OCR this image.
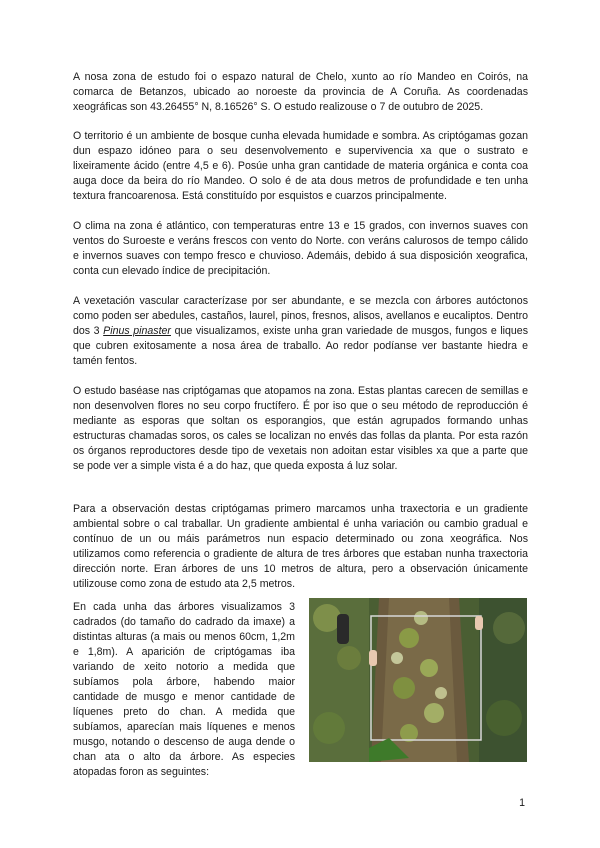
A nosa zona de estudo foi o espazo natural de Chelo, xunto ao río Mandeo en Coirós, na comarca de Betanzos, ubicado ao noroeste da provincia de A Coruña. As coordenadas xeográficas son 43.26455° N, 8.16526° S. O estudo realizouse o 7 de outubro de 2025.

O territorio é un ambiente de bosque cunha elevada humidade e sombra. As criptógamas gozan dun espazo idóneo para o seu desenvolvemento e supervivencia xa que o sustrato e lixeiramente ácido (entre 4,5 e 6). Posúe unha gran cantidade de materia orgánica e conta coa auga doce da beira do río Mandeo. O solo é de ata dous metros de profundidade e ten unha textura francoarenosa. Está constituído por esquistos e cuarzos principalmente.

O clima na zona é atlántico, con temperaturas entre 13 e 15 grados, con invernos suaves con ventos do Suroeste e veráns frescos con vento do Norte. con veráns calurosos de tempo cálido e invernos suaves con tempo fresco e chuvioso. Ademáis, debido á sua disposición xeografica, conta cun elevado índice de precipitación.

A vexetación vascular caracterízase por ser abundante, e se mezcla con árbores autóctonos como poden ser abedules, castaños, laurel, pinos, fresnos, alisos, avellanos e eucaliptos. Dentro dos 3 Pinus pinaster que visualizamos, existe unha gran variedade de musgos, fungos e liques que cubren exitosamente a nosa área de traballo. Ao redor podíanse ver bastante hiedra e tamén fentos.

O estudo baséase nas criptógamas que atopamos na zona. Estas plantas carecen de semillas e non desenvolven flores no seu corpo fructífero. É por iso que o seu método de reproducción é mediante as esporas que soltan os esporangios, que están agrupados formando unhas estructuras chamadas soros, os cales se localizan no envés das follas da planta. Por esta razón os órganos reproductores desde tipo de vexetais non adoitan estar visibles xa que a parte que se pode ver a simple vista é a do haz, que queda exposta á luz solar.

Para a observación destas criptógamas primero marcamos unha traxectoria e un gradiente ambiental sobre o cal traballar. Un gradiente ambiental é unha variación ou cambio gradual e contínuo de un ou máis parámetros nun espacio determinado ou zona xeográfica. Nos utilizamos como referencia o gradiente de altura de tres árbores que estaban nunha traxectoria dirección norte. Eran árbores de uns 10 metros de altura, pero a observación únicamente utilizouse como zona de estudo ata 2,5 metros.

En cada unha das árbores visualizamos 3 cadrados (do tamaño do cadrado da imaxe) a distintas alturas (a mais ou menos 60cm, 1,2m e 1,8m). A aparición de criptógamas iba variando de xeito notorio a medida que subíamos pola árbore, habendo maior cantidade de musgo e menor cantidade de líquenes preto do chan. A medida que subíamos, aparecían mais líquenes e menos musgo, notando o descenso de auga dende o chan ata o alto da árbore. As especies atopadas foron as seguintes:

1
